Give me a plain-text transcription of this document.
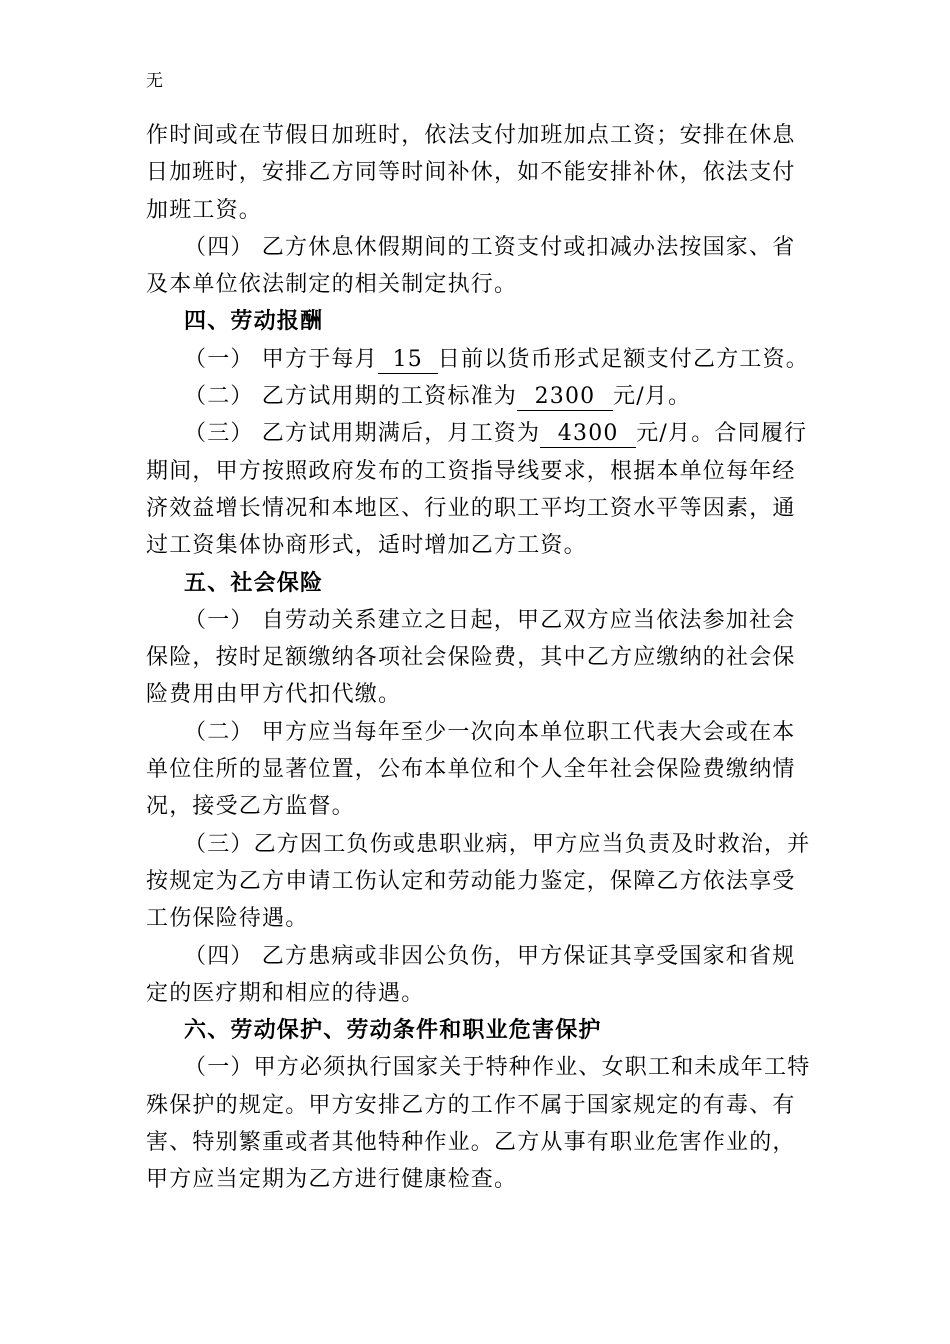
无

作时间或在节假日加班时，依法支付加班加点工资；安排在休息日加班时，安排乙方同等时间补休，如不能安排补休，依法支付加班工资。

（四） 乙方休息休假期间的工资支付或扣减办法按国家、省及本单位依法制定的相关制定执行。

四、劳动报酬

（一） 甲方于每月 15 日前以货币形式足额支付乙方工资。

（二） 乙方试用期的工资标准为 2300 元/月。

（三） 乙方试用期满后，月工资为 4300 元/月。合同履行期间，甲方按照政府发布的工资指导线要求，根据本单位每年经济效益增长情况和本地区、行业的职工平均工资水平等因素，通过工资集体协商形式，适时增加乙方工资。

五、社会保险

（一） 自劳动关系建立之日起，甲乙双方应当依法参加社会保险，按时足额缴纳各项社会保险费，其中乙方应缴纳的社会保险费用由甲方代扣代缴。

（二） 甲方应当每年至少一次向本单位职工代表大会或在本单位住所的显著位置，公布本单位和个人全年社会保险费缴纳情况，接受乙方监督。

（三）乙方因工负伤或患职业病，甲方应当负责及时救治，并按规定为乙方申请工伤认定和劳动能力鉴定，保障乙方依法享受工伤保险待遇。

（四） 乙方患病或非因公负伤，甲方保证其享受国家和省规定的医疗期和相应的待遇。

六、劳动保护、劳动条件和职业危害保护

（一）甲方必须执行国家关于特种作业、女职工和未成年工特殊保护的规定。甲方安排乙方的工作不属于国家规定的有毒、有害、特别繁重或者其他特种作业。乙方从事有职业危害作业的，甲方应当定期为乙方进行健康检查。
